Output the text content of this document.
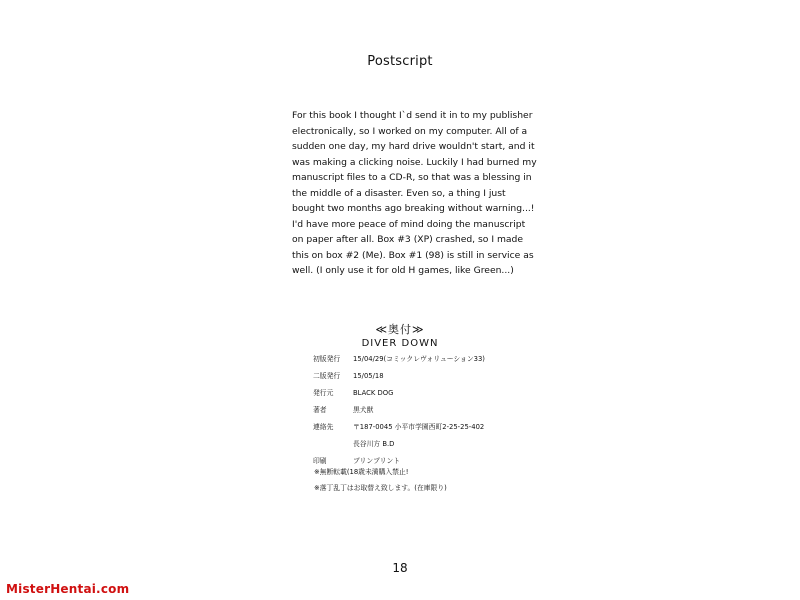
Postscript
For this book I thought I`d send it in to my publisher electronically, so I worked on my computer. All of a sudden one day, my hard drive wouldn't start, and it was making a clicking noise. Luckily I had burned my manuscript files to a CD-R, so that was a blessing in the middle of a disaster. Even so, a thing I just bought two months ago breaking without warning...! I'd have more peace of mind doing the manuscript on paper after all. Box #3 (XP) crashed, so I made this on box #2 (Me). Box #1 (98) is still in service as well. (I only use it for old H games, like Green...)
≪奥付≫
DIVER DOWN
初版発行	15/04/29(コミックレヴォリューション33)
二版発行	15/05/18
発行元	BLACK DOG
著者	黒犬獣
連絡先	〒187-0045 小平市学園西町2-25-25-402
長谷川方 B.D
印刷	ブリンプリント
※無断転載(18歳未満購入禁止!
※落丁乱丁はお取替え致します。(在庫限り)
18
MisterHentai.com
